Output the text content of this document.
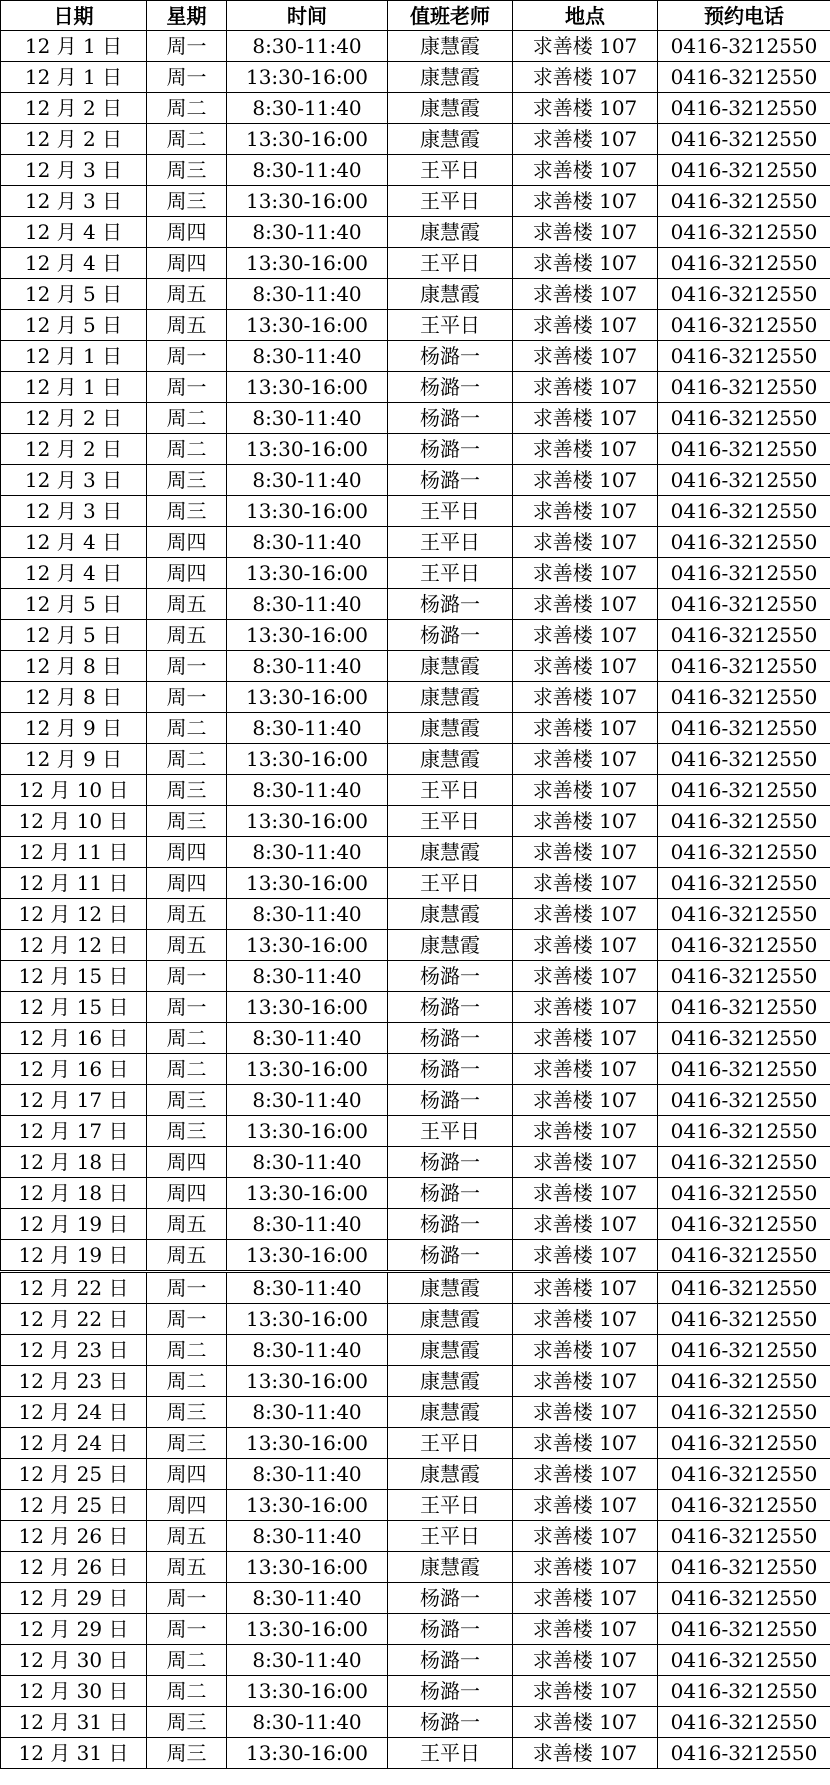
日期	星期	时间	值班老师	地点	预约电话
12 月 1 日	周一	8:30-11:40	康慧霞	求善楼 107	0416-3212550
12 月 1 日	周一	13:30-16:00	康慧霞	求善楼 107	0416-3212550
12 月 2 日	周二	8:30-11:40	康慧霞	求善楼 107	0416-3212550
12 月 2 日	周二	13:30-16:00	康慧霞	求善楼 107	0416-3212550
12 月 3 日	周三	8:30-11:40	王平日	求善楼 107	0416-3212550
12 月 3 日	周三	13:30-16:00	王平日	求善楼 107	0416-3212550
12 月 4 日	周四	8:30-11:40	康慧霞	求善楼 107	0416-3212550
12 月 4 日	周四	13:30-16:00	王平日	求善楼 107	0416-3212550
12 月 5 日	周五	8:30-11:40	康慧霞	求善楼 107	0416-3212550
12 月 5 日	周五	13:30-16:00	王平日	求善楼 107	0416-3212550
12 月 1 日	周一	8:30-11:40	杨潞一	求善楼 107	0416-3212550
12 月 1 日	周一	13:30-16:00	杨潞一	求善楼 107	0416-3212550
12 月 2 日	周二	8:30-11:40	杨潞一	求善楼 107	0416-3212550
12 月 2 日	周二	13:30-16:00	杨潞一	求善楼 107	0416-3212550
12 月 3 日	周三	8:30-11:40	杨潞一	求善楼 107	0416-3212550
12 月 3 日	周三	13:30-16:00	王平日	求善楼 107	0416-3212550
12 月 4 日	周四	8:30-11:40	王平日	求善楼 107	0416-3212550
12 月 4 日	周四	13:30-16:00	王平日	求善楼 107	0416-3212550
12 月 5 日	周五	8:30-11:40	杨潞一	求善楼 107	0416-3212550
12 月 5 日	周五	13:30-16:00	杨潞一	求善楼 107	0416-3212550
12 月 8 日	周一	8:30-11:40	康慧霞	求善楼 107	0416-3212550
12 月 8 日	周一	13:30-16:00	康慧霞	求善楼 107	0416-3212550
12 月 9 日	周二	8:30-11:40	康慧霞	求善楼 107	0416-3212550
12 月 9 日	周二	13:30-16:00	康慧霞	求善楼 107	0416-3212550
12 月 10 日	周三	8:30-11:40	王平日	求善楼 107	0416-3212550
12 月 10 日	周三	13:30-16:00	王平日	求善楼 107	0416-3212550
12 月 11 日	周四	8:30-11:40	康慧霞	求善楼 107	0416-3212550
12 月 11 日	周四	13:30-16:00	王平日	求善楼 107	0416-3212550
12 月 12 日	周五	8:30-11:40	康慧霞	求善楼 107	0416-3212550
12 月 12 日	周五	13:30-16:00	康慧霞	求善楼 107	0416-3212550
12 月 15 日	周一	8:30-11:40	杨潞一	求善楼 107	0416-3212550
12 月 15 日	周一	13:30-16:00	杨潞一	求善楼 107	0416-3212550
12 月 16 日	周二	8:30-11:40	杨潞一	求善楼 107	0416-3212550
12 月 16 日	周二	13:30-16:00	杨潞一	求善楼 107	0416-3212550
12 月 17 日	周三	8:30-11:40	杨潞一	求善楼 107	0416-3212550
12 月 17 日	周三	13:30-16:00	王平日	求善楼 107	0416-3212550
12 月 18 日	周四	8:30-11:40	杨潞一	求善楼 107	0416-3212550
12 月 18 日	周四	13:30-16:00	杨潞一	求善楼 107	0416-3212550
12 月 19 日	周五	8:30-11:40	杨潞一	求善楼 107	0416-3212550
12 月 19 日	周五	13:30-16:00	杨潞一	求善楼 107	0416-3212550
12 月 22 日	周一	8:30-11:40	康慧霞	求善楼 107	0416-3212550
12 月 22 日	周一	13:30-16:00	康慧霞	求善楼 107	0416-3212550
12 月 23 日	周二	8:30-11:40	康慧霞	求善楼 107	0416-3212550
12 月 23 日	周二	13:30-16:00	康慧霞	求善楼 107	0416-3212550
12 月 24 日	周三	8:30-11:40	康慧霞	求善楼 107	0416-3212550
12 月 24 日	周三	13:30-16:00	王平日	求善楼 107	0416-3212550
12 月 25 日	周四	8:30-11:40	康慧霞	求善楼 107	0416-3212550
12 月 25 日	周四	13:30-16:00	王平日	求善楼 107	0416-3212550
12 月 26 日	周五	8:30-11:40	王平日	求善楼 107	0416-3212550
12 月 26 日	周五	13:30-16:00	康慧霞	求善楼 107	0416-3212550
12 月 29 日	周一	8:30-11:40	杨潞一	求善楼 107	0416-3212550
12 月 29 日	周一	13:30-16:00	杨潞一	求善楼 107	0416-3212550
12 月 30 日	周二	8:30-11:40	杨潞一	求善楼 107	0416-3212550
12 月 30 日	周二	13:30-16:00	杨潞一	求善楼 107	0416-3212550
12 月 31 日	周三	8:30-11:40	杨潞一	求善楼 107	0416-3212550
12 月 31 日	周三	13:30-16:00	王平日	求善楼 107	0416-3212550
